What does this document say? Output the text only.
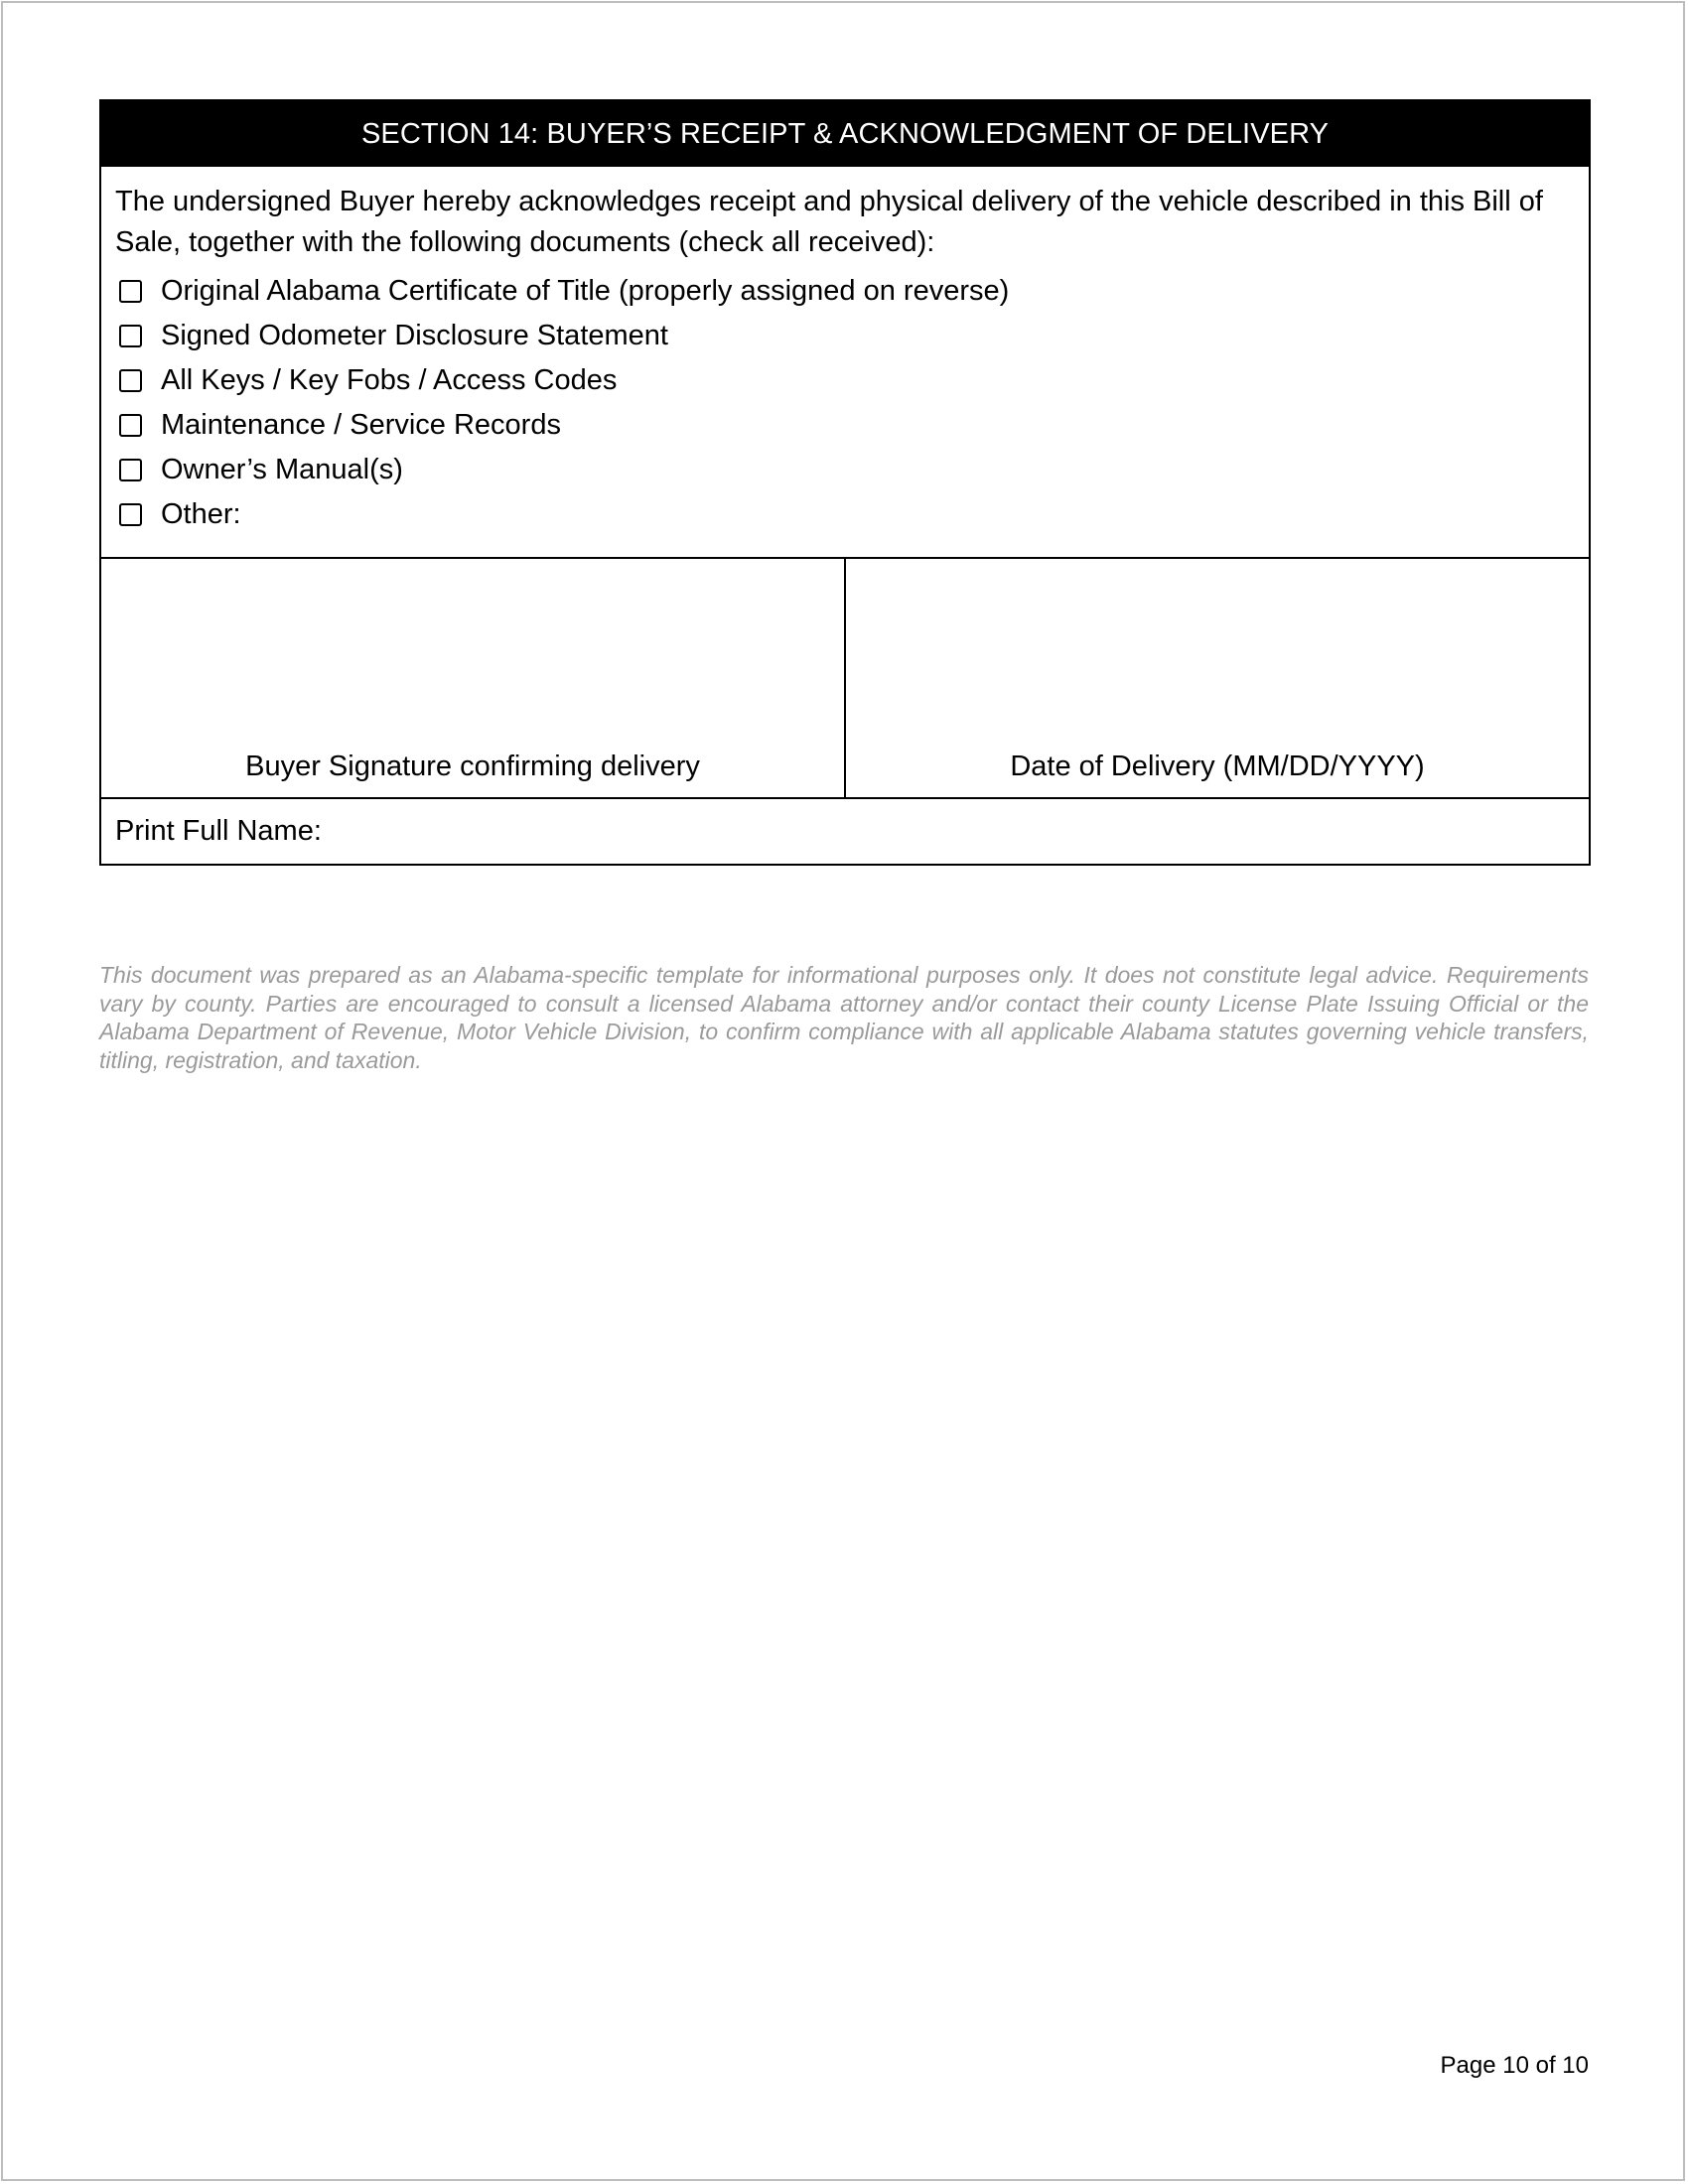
SECTION 14: BUYER’S RECEIPT & ACKNOWLEDGMENT OF DELIVERY

The undersigned Buyer hereby acknowledges receipt and physical delivery of the vehicle described in this Bill of Sale, together with the following documents (check all received):

Original Alabama Certificate of Title (properly assigned on reverse)
Signed Odometer Disclosure Statement
All Keys / Key Fobs / Access Codes
Maintenance / Service Records
Owner’s Manual(s)
Other:
Buyer Signature confirming delivery	Date of Delivery (MM/DD/YYYY)
Print Full Name:

This document was prepared as an Alabama-specific template for informational purposes only. It does not constitute legal advice. Requirements vary by county. Parties are encouraged to consult a licensed Alabama attorney and/or contact their county License Plate Issuing Official or the Alabama Department of Revenue, Motor Vehicle Division, to confirm compliance with all applicable Alabama statutes governing vehicle transfers, titling, registration, and taxation.

Page 10 of 10
